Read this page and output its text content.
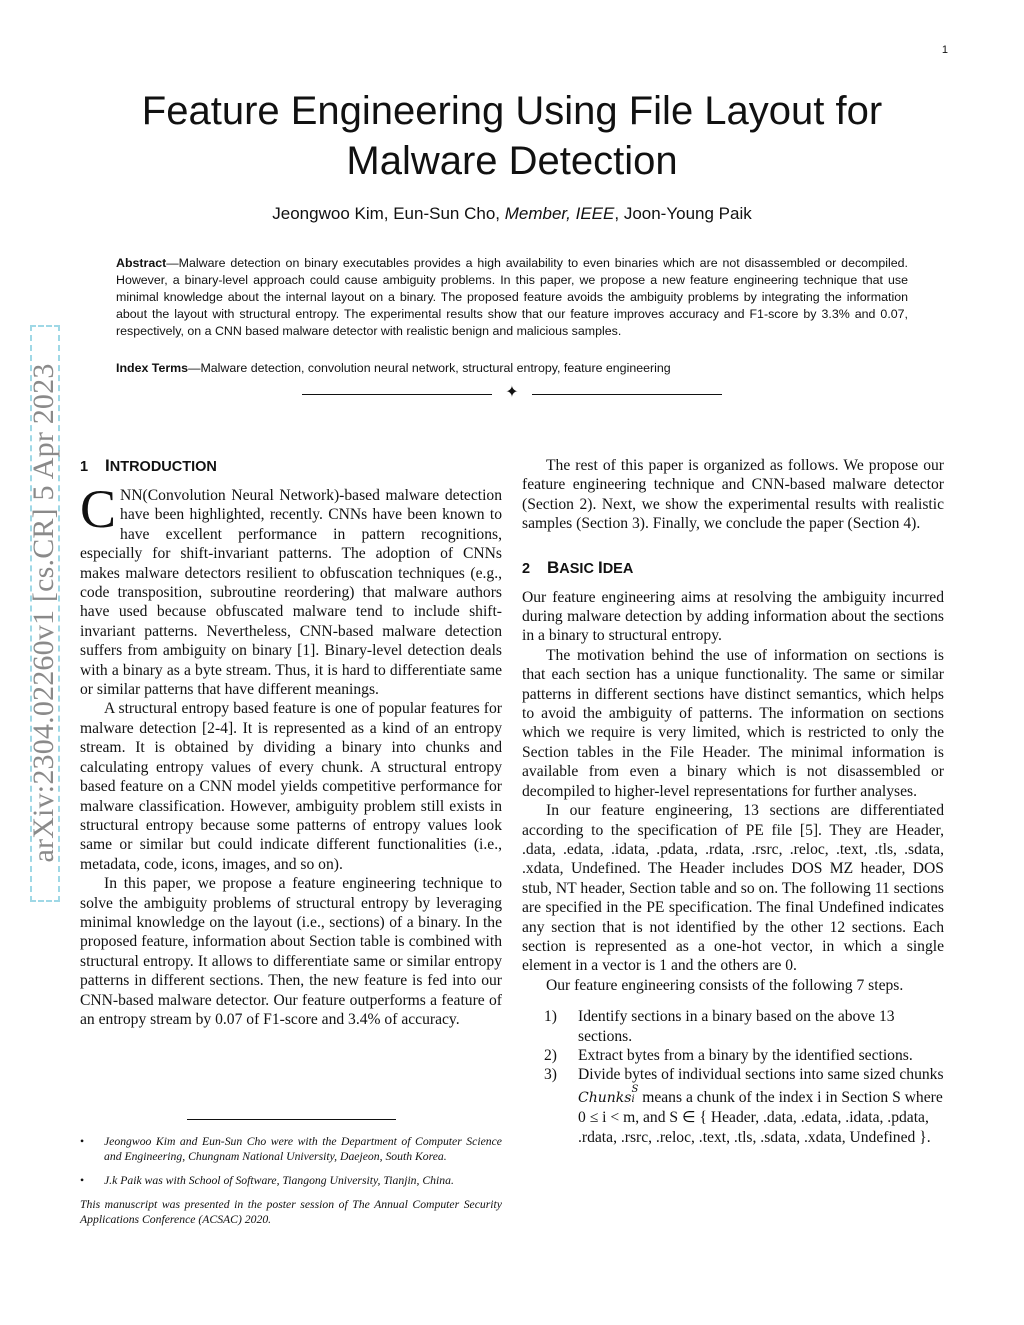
1
Feature Engineering Using File Layout for Malware Detection
Jeongwoo Kim, Eun-Sun Cho, Member, IEEE, Joon-Young Paik
Abstract—Malware detection on binary executables provides a high availability to even binaries which are not disassembled or decompiled. However, a binary-level approach could cause ambiguity problems. In this paper, we propose a new feature engineering technique that use minimal knowledge about the internal layout on a binary. The proposed feature avoids the ambiguity problems by integrating the information about the layout with structural entropy. The experimental results show that our feature improves accuracy and F1-score by 3.3% and 0.07, respectively, on a CNN based malware detector with realistic benign and malicious samples.
Index Terms—Malware detection, convolution neural network, structural entropy, feature engineering
✦
arXiv:2304.02260v1 [cs.CR] 5 Apr 2023 1 INTRODUCTION

CNN(Convolution Neural Network)-based malware detection have been highlighted, recently. CNNs have been known to have excellent performance in pattern recognitions, especially for shift-invariant patterns. The adoption of CNNs makes malware detectors resilient to obfuscation techniques (e.g., code transposition, subroutine reordering) that malware authors have used because obfuscated malware tend to include shift-invariant patterns. Nevertheless, CNN-based malware detection suffers from ambiguity on binary [1]. Binary-level detection deals with a binary as a byte stream. Thus, it is hard to differentiate same or similar patterns that have different meanings.

A structural entropy based feature is one of popular features for malware detection [2-4]. It is represented as a kind of an entropy stream. It is obtained by dividing a binary into chunks and calculating entropy values of every chunk. A structural entropy based feature on a CNN model yields competitive performance for malware classification. However, ambiguity problem still exists in structural entropy because some patterns of entropy values look same or similar but could indicate different functionalities (i.e., metadata, code, icons, images, and so on).

In this paper, we propose a feature engineering technique to solve the ambiguity problems of structural entropy by leveraging minimal knowledge on the layout (i.e., sections) of a binary. In the proposed feature, information about Section table is combined with structural entropy. It allows to differentiate same or similar entropy patterns in different sections. Then, the new feature is fed into our CNN-based malware detector. Our feature outperforms a feature of an entropy stream by 0.07 of F1-score and 3.4% of accuracy.

• Jeongwoo Kim and Eun-Sun Cho were with the Department of Computer Science and Engineering, Chungnam National University, Daejeon, South Korea.
• J.k Paik was with School of Software, Tiangong University, Tianjin, China.
This manuscript was presented in the poster session of The Annual Computer Security Applications Conference (ACSAC) 2020.

The rest of this paper is organized as follows. We propose our feature engineering technique and CNN-based malware detector (Section 2). Next, we show the experimental results with realistic samples (Section 3). Finally, we conclude the paper (Section 4).

2 BASIC IDEA

Our feature engineering aims at resolving the ambiguity incurred during malware detection by adding information about the sections in a binary to structural entropy.

The motivation behind the use of information on sections is that each section has a unique functionality. The same or similar patterns in different sections have distinct semantics, which helps to avoid the ambiguity of patterns. The information on sections which we require is very limited, which is restricted to only the Section tables in the File Header. The minimal information is available from even a binary which is not disassembled or decompiled to higher-level representations for further analyses.

In our feature engineering, 13 sections are differentiated according to the specification of PE file [5]. They are Header, .data, .edata, .idata, .pdata, .rdata, .rsrc, .reloc, .text, .tls, .sdata, .xdata, Undefined. The Header includes DOS MZ header, DOS stub, NT header, Section table and so on. The following 11 sections are specified in the PE specification. The final Undefined indicates any section that is not identified by the other 12 sections. Each section is represented as a one-hot vector, in which a single element in a vector is 1 and the others are 0.

Our feature engineering consists of the following 7 steps.

1) Identify sections in a binary based on the above 13 sections.
2) Extract bytes from a binary by the identified sections.
3) Divide bytes of individual sections into same sized chunks Chunks
S
i means a chunk of the index i in Section S where 0 ≤ i < m, and S ∈ { Header, .data, .edata, .idata, .pdata, .rdata, .rsrc, .reloc, .text, .tls, .sdata, .xdata, Undefined }.
